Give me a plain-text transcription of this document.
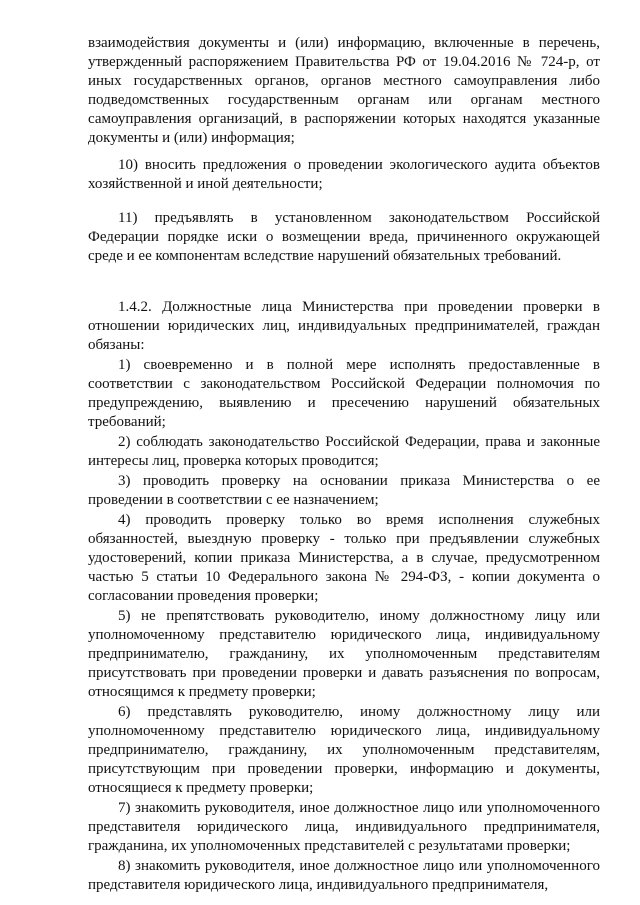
взаимодействия документы и (или) информацию, включенные в перечень, утвержденный распоряжением Правительства РФ от 19.04.2016 № 724-р, от иных государственных органов, органов местного самоуправления либо подведомственных государственным органам или органам местного самоуправления организаций, в распоряжении которых находятся указанные документы и (или) информация;

10) вносить предложения о проведении экологического аудита объектов хозяйственной и иной деятельности;

11) предъявлять в установленном законодательством Российской Федерации порядке иски о возмещении вреда, причиненного окружающей среде и ее компонентам вследствие нарушений обязательных требований.

1.4.2. Должностные лица Министерства при проведении проверки в отношении юридических лиц, индивидуальных предпринимателей, граждан обязаны:

1) своевременно и в полной мере исполнять предоставленные в соответствии с законодательством Российской Федерации полномочия по предупреждению, выявлению и пресечению нарушений обязательных требований;

2) соблюдать законодательство Российской Федерации, права и законные интересы лиц, проверка которых проводится;

3) проводить проверку на основании приказа Министерства о ее проведении в соответствии с ее назначением;

4) проводить проверку только во время исполнения служебных обязанностей, выездную проверку - только при предъявлении служебных удостоверений, копии приказа Министерства, а в случае, предусмотренном частью 5 статьи 10 Федерального закона № 294-ФЗ, - копии документа о согласовании проведения проверки;

5) не препятствовать руководителю, иному должностному лицу или уполномоченному представителю юридического лица, индивидуальному предпринимателю, гражданину, их уполномоченным представителям присутствовать при проведении проверки и давать разъяснения по вопросам, относящимся к предмету проверки;

6) представлять руководителю, иному должностному лицу или уполномоченному представителю юридического лица, индивидуальному предпринимателю, гражданину, их уполномоченным представителям, присутствующим при проведении проверки, информацию и документы, относящиеся к предмету проверки;

7) знакомить руководителя, иное должностное лицо или уполномоченного представителя юридического лица, индивидуального предпринимателя, гражданина, их уполномоченных представителей с результатами проверки;

8) знакомить руководителя, иное должностное лицо или уполномоченного представителя юридического лица, индивидуального предпринимателя,
